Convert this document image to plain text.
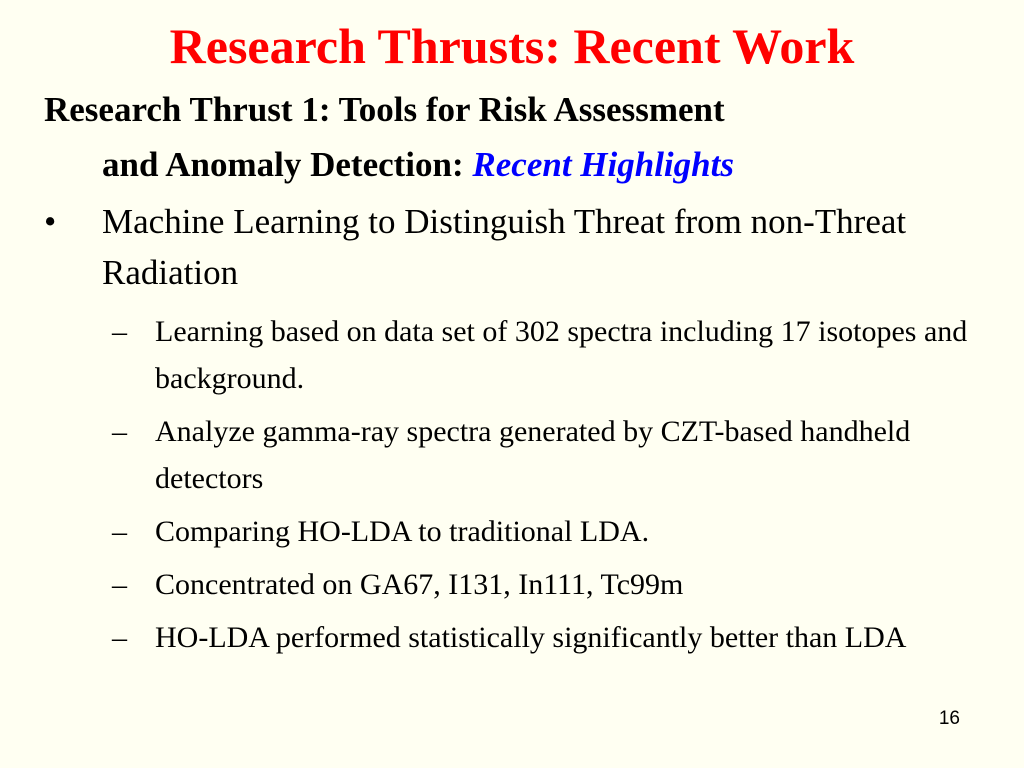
Research Thrusts: Recent Work
Research Thrust 1: Tools for Risk Assessment
and Anomaly Detection: Recent Highlights
•	Machine Learning to Distinguish Threat from non-Threat Radiation
– Learning based on data set of 302 spectra including 17 isotopes and background.
– Analyze gamma-ray spectra generated by CZT-based handheld detectors
– Comparing HO-LDA to traditional LDA.
– Concentrated on GA67, I131, In111, Tc99m
– HO-LDA performed statistically significantly better than LDA
16
